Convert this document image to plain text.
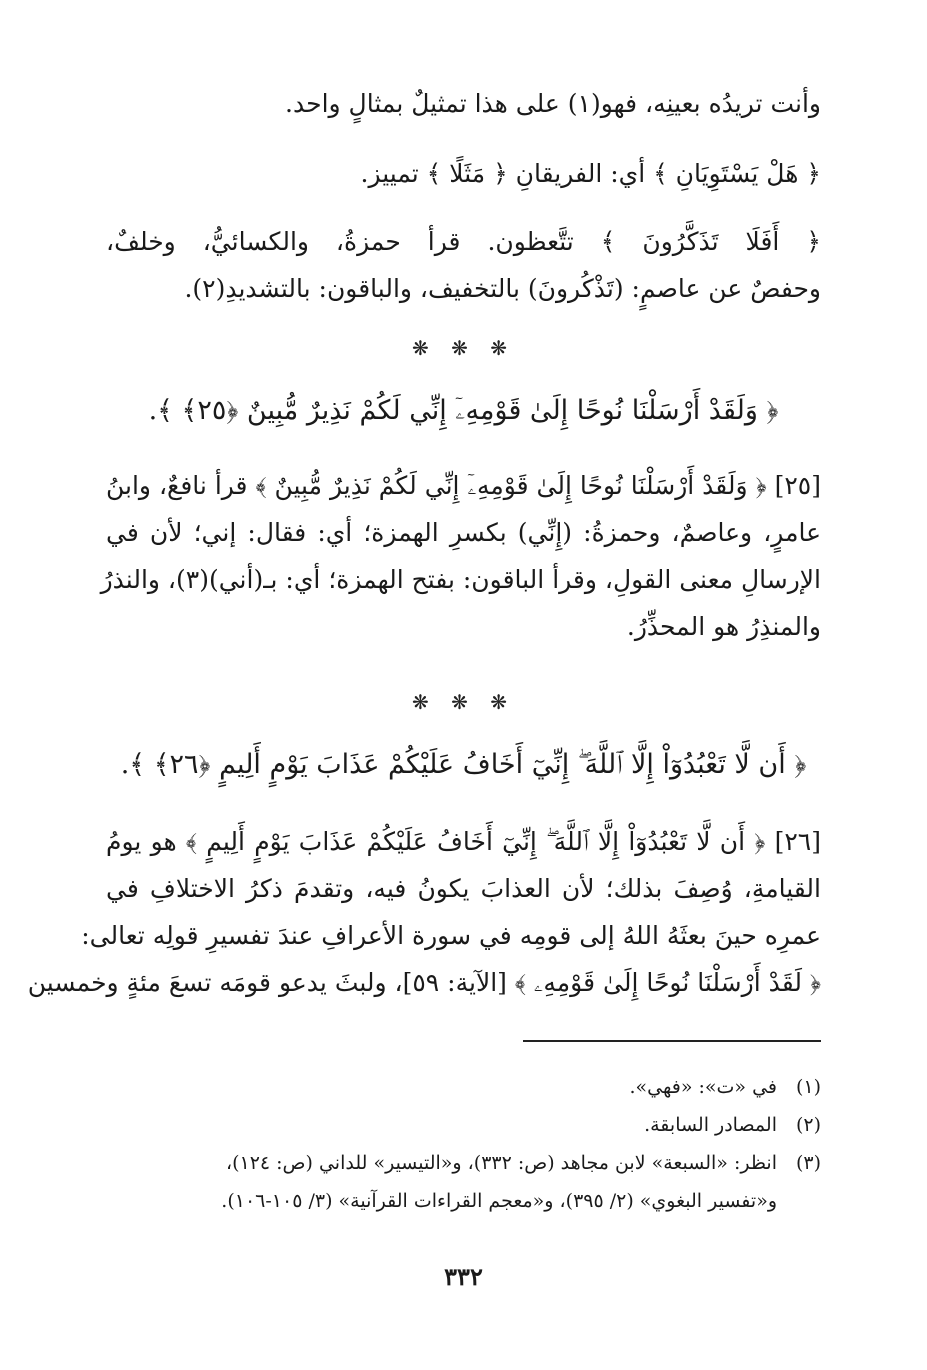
وأنت تريدُه بعينِه، فهو(١) على هذا تمثيلٌ بمثالٍ واحد.
﴿ هَلْ يَسْتَوِيَانِ ﴾ أي: الفريقانِ ﴿ مَثَلًا ﴾ تمييز.
﴿ أَفَلَا تَذَكَّرُونَ ﴾ تتَّعظون. قرأ حمزةُ، والكسائيُّ، وخلفٌ،
وحفصٌ عن عاصمٍ: (تَذْكُرونَ) بالتخفيف، والباقون: بالتشديدِ(٢).
❋ ❋ ❋
﴿ وَلَقَدْ أَرْسَلْنَا نُوحًا إِلَىٰ قَوْمِهِۦٓ إِنِّي لَكُمْ نَذِيرٌ مُّبِينٌ ﴿٢٥﴾ ﴾.
[٢٥] ﴿ وَلَقَدْ أَرْسَلْنَا نُوحًا إِلَىٰ قَوْمِهِۦٓ إِنِّي لَكُمْ نَذِيرٌ مُّبِينٌ ﴾ قرأ نافعٌ، وابنُ
عامرٍ، وعاصمٌ، وحمزةُ: (إِنِّي) بكسرِ الهمزة؛ أي: فقال: إني؛ لأن في
الإرسالِ معنى القولِ، وقرأ الباقون: بفتح الهمزة؛ أي: بـ(أني)(٣)، والنذرُ
والمنذِرُ هو المحذِّرُ.
❋ ❋ ❋
﴿ أَن لَّا تَعْبُدُوٓاْ إِلَّا ٱللَّهَ ۖ إِنِّيٓ أَخَافُ عَلَيْكُمْ عَذَابَ يَوْمٍ أَلِيمٍ ﴿٢٦﴾ ﴾.
[٢٦] ﴿ أَن لَّا تَعْبُدُوٓاْ إِلَّا ٱللَّهَ ۖ إِنِّيٓ أَخَافُ عَلَيْكُمْ عَذَابَ يَوْمٍ أَلِيمٍ ﴾ هو يومُ
القيامةِ، وُصِفَ بذلك؛ لأن العذابَ يكونُ فيه، وتقدمَ ذكرُ الاختلافِ في
عمرِه حينَ بعثَهُ اللهُ إلى قومِه في سورة الأعرافِ عندَ تفسيرِ قولِه تعالى:
﴿ لَقَدْ أَرْسَلْنَا نُوحًا إِلَىٰ قَوْمِهِۦ ﴾ [الآية: ٥٩]، ولبثَ يدعو قومَه تسعَ مئةٍ وخمسين
(١)
في «ت»: «فهي».
(٢)
المصادر السابقة.
(٣)
انظر: «السبعة» لابن مجاهد (ص: ٣٣٢)، و«التيسير» للداني (ص: ١٢٤)،
و«تفسير البغوي» (٢/ ٣٩٥)، و«معجم القراءات القرآنية» (٣/ ١٠٥-١٠٦).
٣٣٢
